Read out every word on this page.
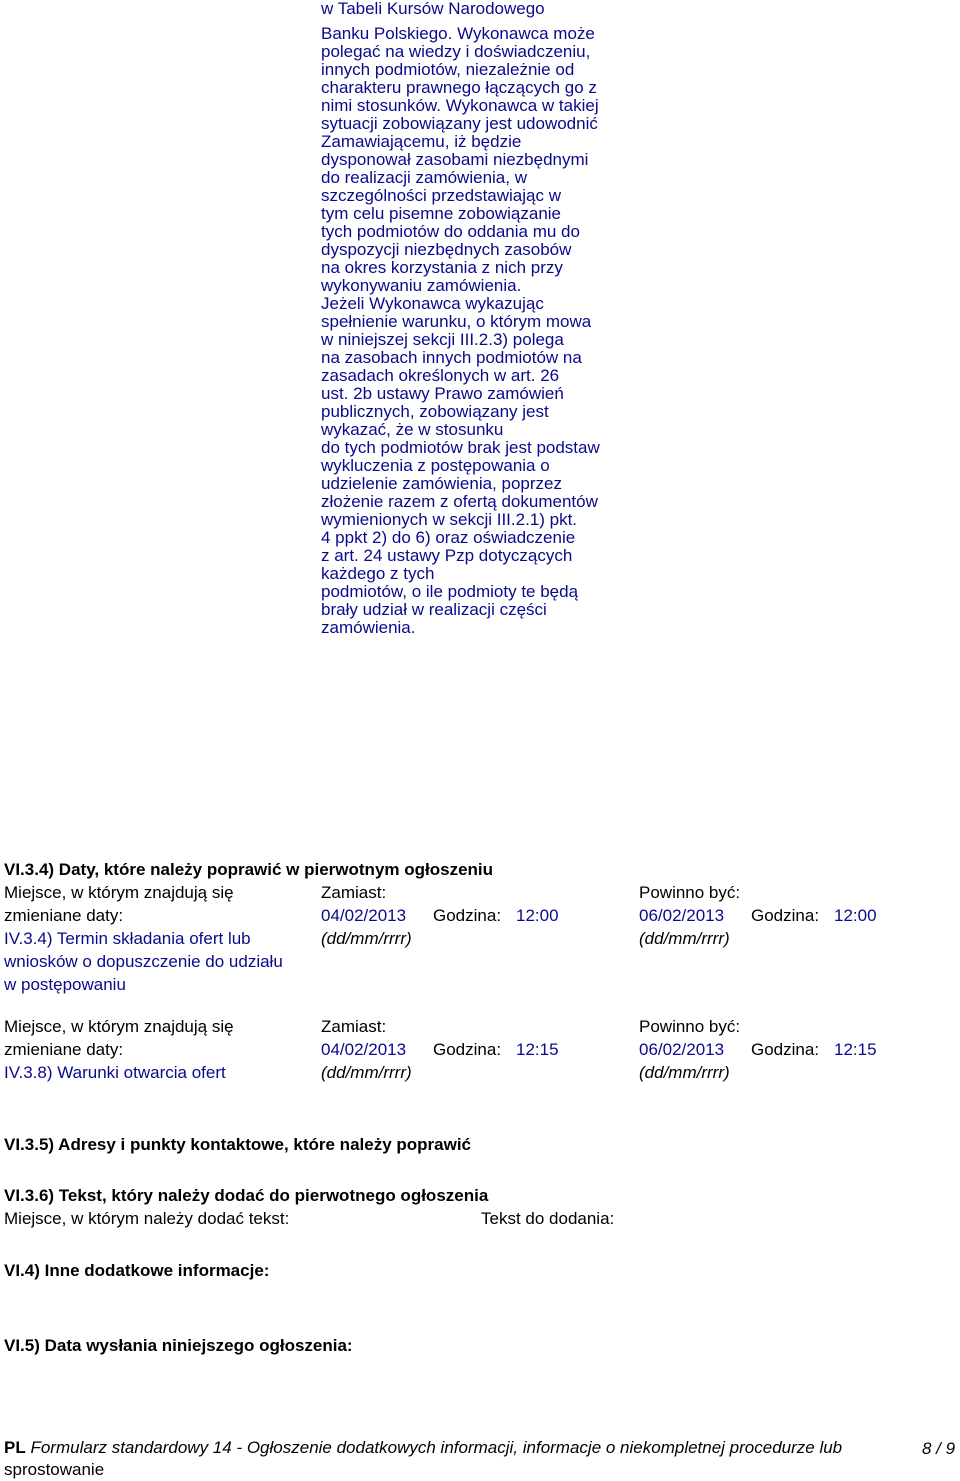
w Tabeli Kursów Narodowego
Banku Polskiego. Wykonawca może
polegać na wiedzy i doświadczeniu,
innych podmiotów, niezależnie od
charakteru prawnego łączących go z
nimi stosunków. Wykonawca w takiej
sytuacji zobowiązany jest udowodnić
Zamawiającemu, iż będzie
dysponował zasobami niezbędnymi
do realizacji zamówienia, w
szczególności przedstawiając w
tym celu pisemne zobowiązanie
tych podmiotów do oddania mu do
dyspozycji niezbędnych zasobów
na okres korzystania z nich przy
wykonywaniu zamówienia.
Jeżeli Wykonawca wykazując
spełnienie warunku, o którym mowa
w niniejszej sekcji III.2.3) polega
na zasobach innych podmiotów na
zasadach określonych w art. 26
ust. 2b ustawy Prawo zamówień
publicznych, zobowiązany jest
wykazać, że w stosunku
do tych podmiotów brak jest podstaw
wykluczenia z postępowania o
udzielenie zamówienia, poprzez
złożenie razem z ofertą dokumentów
wymienionych w sekcji III.2.1) pkt.
4 ppkt 2) do 6) oraz oświadczenie
z art. 24 ustawy Pzp dotyczących
każdego z tych
podmiotów, o ile podmioty te będą
brały udział w realizacji części
zamówienia.
VI.3.4) Daty, które należy poprawić w pierwotnym ogłoszeniu
Miejsce, w którym znajdują się
zmieniane daty:
IV.3.4) Termin składania ofert lub
wniosków o dopuszczenie do udziału
w postępowaniu
Zamiast:
04/02/2013 Godzina: 12:00
(dd/mm/rrrr)
Powinno być:
06/02/2013 Godzina: 12:00
(dd/mm/rrrr)
Miejsce, w którym znajdują się
zmieniane daty:
IV.3.8) Warunki otwarcia ofert
Zamiast:
04/02/2013 Godzina: 12:15
(dd/mm/rrrr)
Powinno być:
06/02/2013 Godzina: 12:15
(dd/mm/rrrr)
VI.3.5) Adresy i punkty kontaktowe, które należy poprawić
VI.3.6) Tekst, który należy dodać do pierwotnego ogłoszenia
Miejsce, w którym należy dodać tekst:	Tekst do dodania:
VI.4) Inne dodatkowe informacje:
VI.5) Data wysłania niniejszego ogłoszenia:
PL Formularz standardowy 14 - Ogłoszenie dodatkowych informacji, informacje o niekompletnej procedurze lub
sprostowanie
8 / 9
